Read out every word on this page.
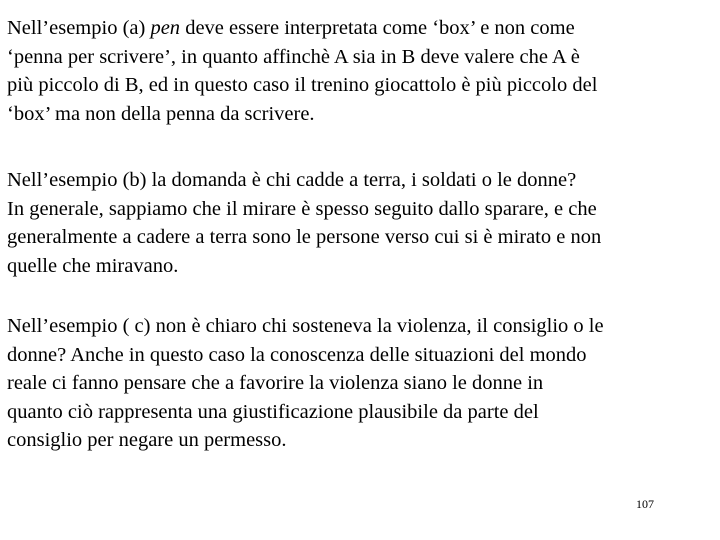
Nell’esempio (a) pen deve essere interpretata come ‘box’ e non come
‘penna per scrivere’, in quanto affinchè A sia in B deve valere che A è
più piccolo di B, ed in questo caso il trenino giocattolo è più piccolo del
‘box’ ma non della penna da scrivere.

Nell’esempio (b) la domanda è chi cadde a terra, i soldati o le donne?
In generale, sappiamo che il mirare è spesso seguito dallo sparare, e che
generalmente a cadere a terra sono le persone verso cui si è mirato e non
quelle che miravano.

Nell’esempio ( c) non è chiaro chi sosteneva la violenza, il consiglio o le
donne? Anche in questo caso la conoscenza delle situazioni del mondo
reale ci fanno pensare che a favorire la violenza siano le donne in
quanto ciò rappresenta una giustificazione plausibile da parte del
consiglio per negare un permesso.

107
